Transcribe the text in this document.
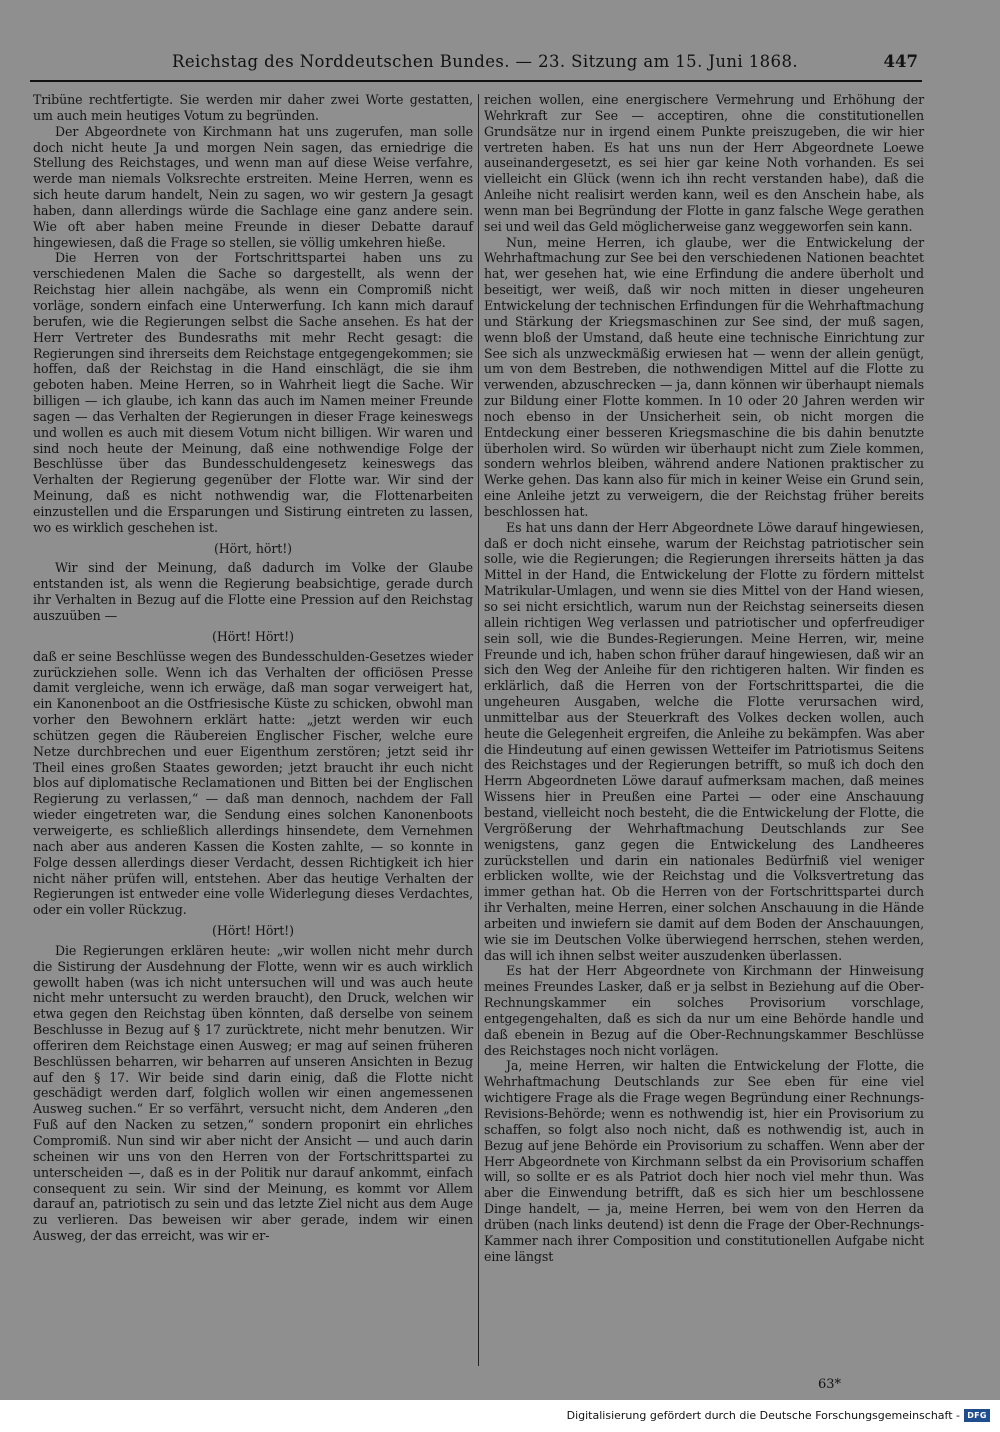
Reichstag des Norddeutschen Bundes. — 23. Sitzung am 15. Juni 1868.	447

Tribüne rechtfertigte. Sie werden mir daher zwei Worte gestatten, um auch mein heutiges Votum zu begründen.

Der Abgeordnete von Kirchmann hat uns zugerufen, man solle doch nicht heute Ja und morgen Nein sagen, das erniedrige die Stellung des Reichstages, und wenn man auf diese Weise verfahre, werde man niemals Volksrechte erstreiten. Meine Herren, wenn es sich heute darum handelt, Nein zu sagen, wo wir gestern Ja gesagt haben, dann allerdings würde die Sachlage eine ganz andere sein. Wie oft aber haben meine Freunde in dieser Debatte darauf hingewiesen, daß die Frage so stellen, sie völlig umkehren hieße.

Die Herren von der Fortschrittspartei haben uns zu verschiedenen Malen die Sache so dargestellt, als wenn der Reichstag hier allein nachgäbe, als wenn ein Compromiß nicht vorläge, sondern einfach eine Unterwerfung. Ich kann mich darauf berufen, wie die Regierungen selbst die Sache ansehen. Es hat der Herr Vertreter des Bundesraths mit mehr Recht gesagt: die Regierungen sind ihrerseits dem Reichstage entgegengekommen; sie hoffen, daß der Reichstag in die Hand einschlägt, die sie ihm geboten haben. Meine Herren, so in Wahrheit liegt die Sache. Wir billigen — ich glaube, ich kann das auch im Namen meiner Freunde sagen — das Verhalten der Regierungen in dieser Frage keineswegs und wollen es auch mit diesem Votum nicht billigen. Wir waren und sind noch heute der Meinung, daß eine nothwendige Folge der Beschlüsse über das Bundesschuldengesetz keineswegs das Verhalten der Regierung gegenüber der Flotte war. Wir sind der Meinung, daß es nicht nothwendig war, die Flottenarbeiten einzustellen und die Ersparungen und Sistirung eintreten zu lassen, wo es wirklich geschehen ist.

(Hört, hört!)

Wir sind der Meinung, daß dadurch im Volke der Glaube entstanden ist, als wenn die Regierung beabsichtige, gerade durch ihr Verhalten in Bezug auf die Flotte eine Pression auf den Reichstag auszuüben —

(Hört! Hört!)

daß er seine Beschlüsse wegen des Bundesschulden-Gesetzes wieder zurückziehen solle. Wenn ich das Verhalten der officiösen Presse damit vergleiche, wenn ich erwäge, daß man sogar verweigert hat, ein Kanonenboot an die Ostfriesische Küste zu schicken, obwohl man vorher den Bewohnern erklärt hatte: „jetzt werden wir euch schützen gegen die Räubereien Englischer Fischer, welche eure Netze durchbrechen und euer Eigenthum zerstören; jetzt seid ihr Theil eines großen Staates geworden; jetzt braucht ihr euch nicht blos auf diplomatische Reclamationen und Bitten bei der Englischen Regierung zu verlassen,“ — daß man dennoch, nachdem der Fall wieder eingetreten war, die Sendung eines solchen Kanonenboots verweigerte, es schließlich allerdings hinsendete, dem Vernehmen nach aber aus anderen Kassen die Kosten zahlte, — so konnte in Folge dessen allerdings dieser Verdacht, dessen Richtigkeit ich hier nicht näher prüfen will, entstehen. Aber das heutige Verhalten der Regierungen ist entweder eine volle Widerlegung dieses Verdachtes, oder ein voller Rückzug.

(Hört! Hört!)

Die Regierungen erklären heute: „wir wollen nicht mehr durch die Sistirung der Ausdehnung der Flotte, wenn wir es auch wirklich gewollt haben (was ich nicht untersuchen will und was auch heute nicht mehr untersucht zu werden braucht), den Druck, welchen wir etwa gegen den Reichstag üben könnten, daß derselbe von seinem Beschlusse in Bezug auf § 17 zurücktrete, nicht mehr benutzen. Wir offeriren dem Reichstage einen Ausweg; er mag auf seinen früheren Beschlüssen beharren, wir beharren auf unseren Ansichten in Bezug auf den § 17. Wir beide sind darin einig, daß die Flotte nicht geschädigt werden darf, folglich wollen wir einen angemessenen Ausweg suchen.“ Er so verfährt, versucht nicht, dem Anderen „den Fuß auf den Nacken zu setzen,“ sondern proponirt ein ehrliches Compromiß. Nun sind wir aber nicht der Ansicht — und auch darin scheinen wir uns von den Herren von der Fortschrittspartei zu unterscheiden —, daß es in der Politik nur darauf ankommt, einfach consequent zu sein. Wir sind der Meinung, es kommt vor Allem darauf an, patriotisch zu sein und das letzte Ziel nicht aus dem Auge zu verlieren. Das beweisen wir aber gerade, indem wir einen Ausweg, der das erreicht, was wir er-

reichen wollen, eine energischere Vermehrung und Erhöhung der Wehrkraft zur See — acceptiren, ohne die constitutionellen Grundsätze nur in irgend einem Punkte preiszugeben, die wir hier vertreten haben. Es hat uns nun der Herr Abgeordnete Loewe auseinandergesetzt, es sei hier gar keine Noth vorhanden. Es sei vielleicht ein Glück (wenn ich ihn recht verstanden habe), daß die Anleihe nicht realisirt werden kann, weil es den Anschein habe, als wenn man bei Begründung der Flotte in ganz falsche Wege gerathen sei und weil das Geld möglicherweise ganz weggeworfen sein kann.

Nun, meine Herren, ich glaube, wer die Entwickelung der Wehrhaftmachung zur See bei den verschiedenen Nationen beachtet hat, wer gesehen hat, wie eine Erfindung die andere überholt und beseitigt, wer weiß, daß wir noch mitten in dieser ungeheuren Entwickelung der technischen Erfindungen für die Wehrhaftmachung und Stärkung der Kriegsmaschinen zur See sind, der muß sagen, wenn bloß der Umstand, daß heute eine technische Einrichtung zur See sich als unzweckmäßig erwiesen hat — wenn der allein genügt, um von dem Bestreben, die nothwendigen Mittel auf die Flotte zu verwenden, abzuschrecken — ja, dann können wir überhaupt niemals zur Bildung einer Flotte kommen. In 10 oder 20 Jahren werden wir noch ebenso in der Unsicherheit sein, ob nicht morgen die Entdeckung einer besseren Kriegsmaschine die bis dahin benutzte überholen wird. So würden wir überhaupt nicht zum Ziele kommen, sondern wehrlos bleiben, während andere Nationen praktischer zu Werke gehen. Das kann also für mich in keiner Weise ein Grund sein, eine Anleihe jetzt zu verweigern, die der Reichstag früher bereits beschlossen hat.

Es hat uns dann der Herr Abgeordnete Löwe darauf hingewiesen, daß er doch nicht einsehe, warum der Reichstag patriotischer sein solle, wie die Regierungen; die Regierungen ihrerseits hätten ja das Mittel in der Hand, die Entwickelung der Flotte zu fördern mittelst Matrikular-Umlagen, und wenn sie dies Mittel von der Hand wiesen, so sei nicht ersichtlich, warum nun der Reichstag seinerseits diesen allein richtigen Weg verlassen und patriotischer und opferfreudiger sein soll, wie die Bundes-Regierungen. Meine Herren, wir, meine Freunde und ich, haben schon früher darauf hingewiesen, daß wir an sich den Weg der Anleihe für den richtigeren halten. Wir finden es erklärlich, daß die Herren von der Fortschrittspartei, die die ungeheuren Ausgaben, welche die Flotte verursachen wird, unmittelbar aus der Steuerkraft des Volkes decken wollen, auch heute die Gelegenheit ergreifen, die Anleihe zu bekämpfen. Was aber die Hindeutung auf einen gewissen Wetteifer im Patriotismus Seitens des Reichstages und der Regierungen betrifft, so muß ich doch den Herrn Abgeordneten Löwe darauf aufmerksam machen, daß meines Wissens hier in Preußen eine Partei — oder eine Anschauung bestand, vielleicht noch besteht, die die Entwickelung der Flotte, die Vergrößerung der Wehrhaftmachung Deutschlands zur See wenigstens, ganz gegen die Entwickelung des Landheeres zurückstellen und darin ein nationales Bedürfniß viel weniger erblicken wollte, wie der Reichstag und die Volksvertretung das immer gethan hat. Ob die Herren von der Fortschrittspartei durch ihr Verhalten, meine Herren, einer solchen Anschauung in die Hände arbeiten und inwiefern sie damit auf dem Boden der Anschauungen, wie sie im Deutschen Volke überwiegend herrschen, stehen werden, das will ich ihnen selbst weiter auszudenken überlassen.

Es hat der Herr Abgeordnete von Kirchmann der Hinweisung meines Freundes Lasker, daß er ja selbst in Beziehung auf die Ober-Rechnungskammer ein solches Provisorium vorschlage, entgegengehalten, daß es sich da nur um eine Behörde handle und daß ebenein in Bezug auf die Ober-Rechnungskammer Beschlüsse des Reichstages noch nicht vorlägen.

Ja, meine Herren, wir halten die Entwickelung der Flotte, die Wehrhaftmachung Deutschlands zur See eben für eine viel wichtigere Frage als die Frage wegen Begründung einer Rechnungs-Revisions-Behörde; wenn es nothwendig ist, hier ein Provisorium zu schaffen, so folgt also noch nicht, daß es nothwendig ist, auch in Bezug auf jene Behörde ein Provisorium zu schaffen. Wenn aber der Herr Abgeordnete von Kirchmann selbst da ein Provisorium schaffen will, so sollte er es als Patriot doch hier noch viel mehr thun. Was aber die Einwendung betrifft, daß es sich hier um beschlossene Dinge handelt, — ja, meine Herren, bei wem von den Herren da drüben (nach links deutend) ist denn die Frage der Ober-Rechnungs-Kammer nach ihrer Composition und constitutionellen Aufgabe nicht eine längst

63*
Digitalisierung gefördert durch die Deutsche Forschungsgemeinschaft - DFG
